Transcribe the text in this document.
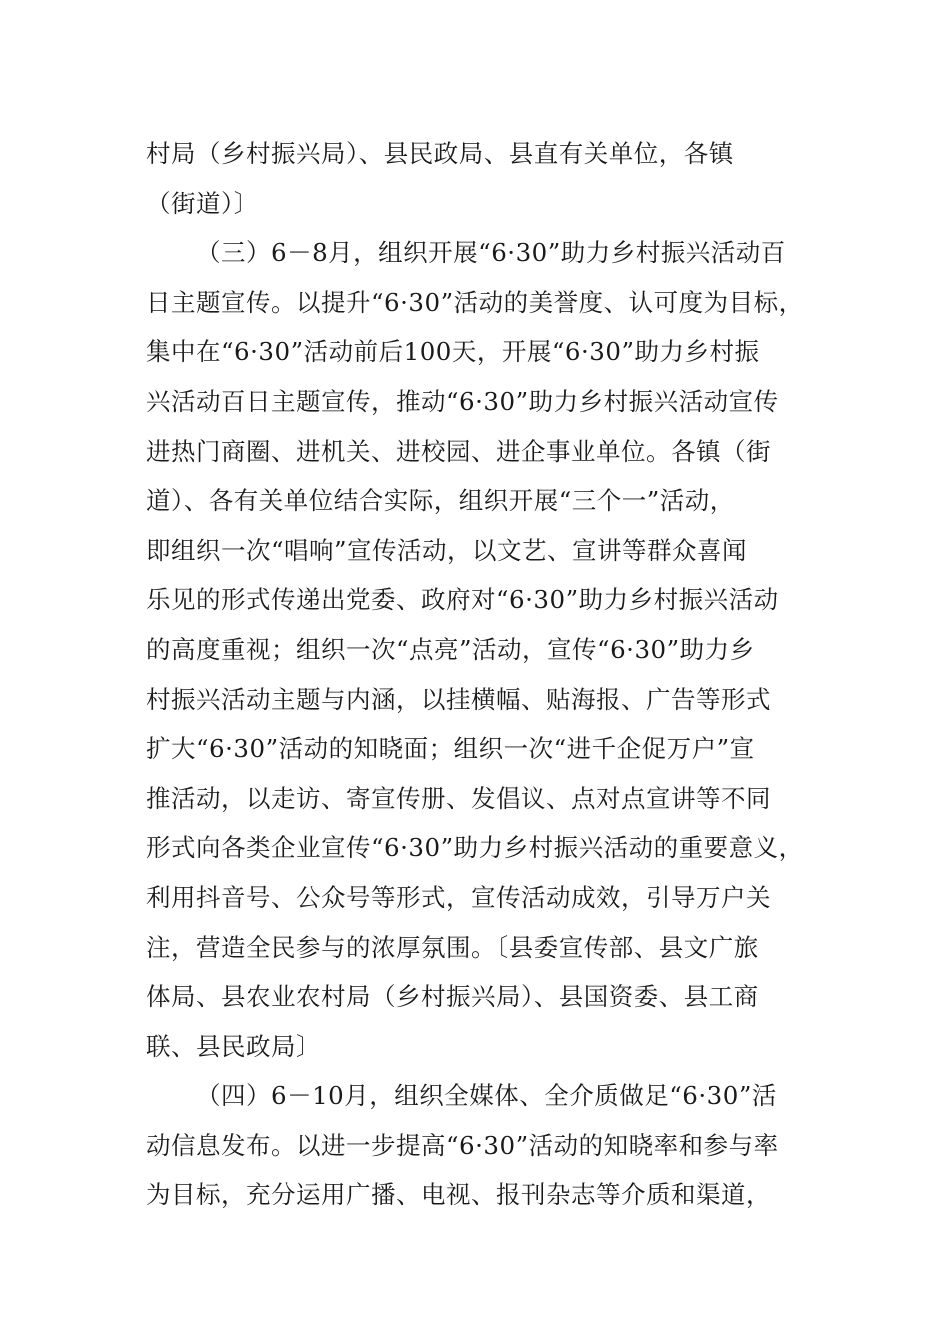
村局（乡村振兴局）、县民政局、县直有关单位，各镇
（街道）〕
（三）6－8月，组织开展“6·30”助力乡村振兴活动百
日主题宣传。以提升“6·30”活动的美誉度、认可度为目标，
集中在“6·30”活动前后100天，开展“6·30”助力乡村振
兴活动百日主题宣传，推动“6·30”助力乡村振兴活动宣传
进热门商圈、进机关、进校园、进企事业单位。各镇（街
道）、各有关单位结合实际，组织开展“三个一”活动，
即组织一次“唱响”宣传活动，以文艺、宣讲等群众喜闻
乐见的形式传递出党委、政府对“6·30”助力乡村振兴活动
的高度重视；组织一次“点亮”活动，宣传“6·30”助力乡
村振兴活动主题与内涵，以挂横幅、贴海报、广告等形式
扩大“6·30”活动的知晓面；组织一次“进千企促万户”宣
推活动，以走访、寄宣传册、发倡议、点对点宣讲等不同
形式向各类企业宣传“6·30”助力乡村振兴活动的重要意义，
利用抖音号、公众号等形式，宣传活动成效，引导万户关
注，营造全民参与的浓厚氛围。〔县委宣传部、县文广旅
体局、县农业农村局（乡村振兴局）、县国资委、县工商
联、县民政局〕
（四）6－10月，组织全媒体、全介质做足“6·30”活
动信息发布。以进一步提高“6·30”活动的知晓率和参与率
为目标，充分运用广播、电视、报刊杂志等介质和渠道，
